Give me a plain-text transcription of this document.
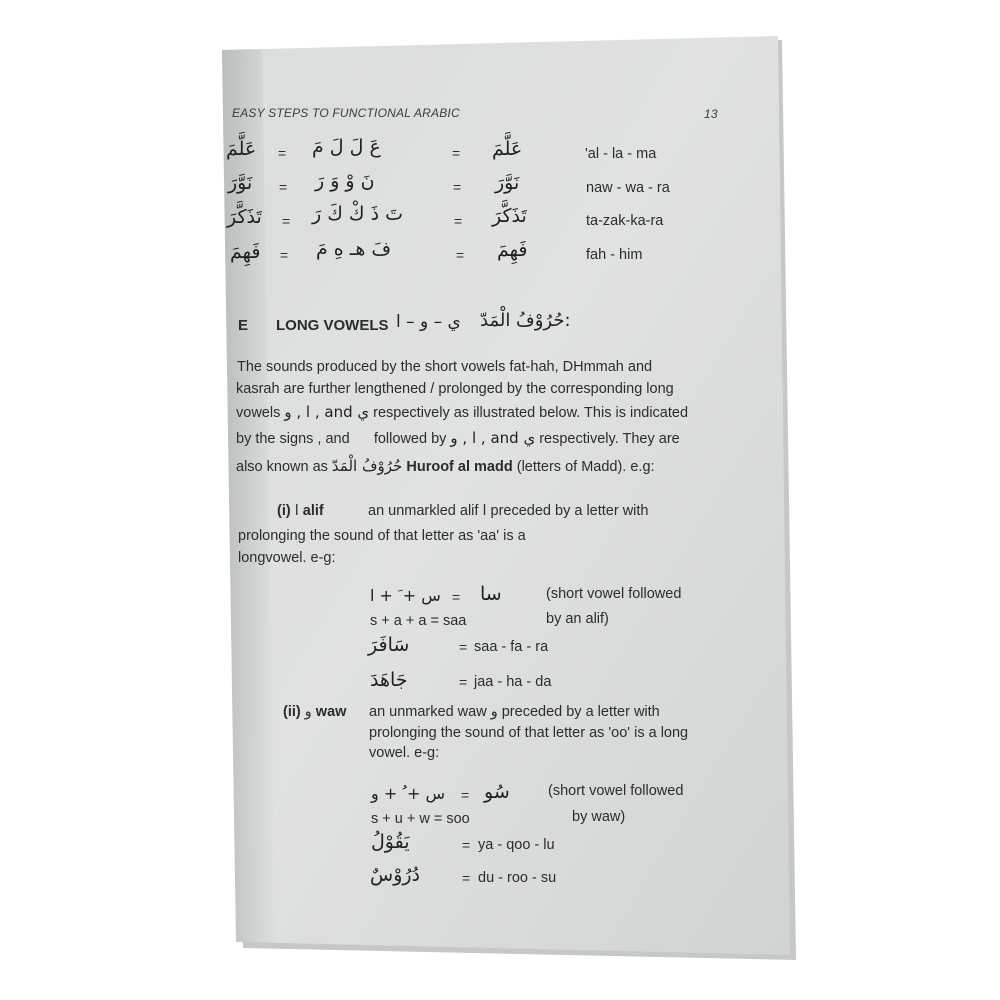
EASY STEPS TO FUNCTIONAL ARABIC	13
عَلَّمَ = عَ لَ لَ مَ	= عَلَّمَ	'al - la - ma
نَوَّرَ = نَ وْ وَ رَ	= نَوَّرَ	naw - wa - ra
تَذَكَّرَ = تَ ذَ كْ كَ رَ	= تَذَكَّرَ	ta-zak-ka-ra
فَهِمَ = فَ هـ هِ مَ	= فَهِمَ	fah - him
E LONG VOWELS ي – و – ا حُرُوْفُ الْمَدّ:
The sounds produced by the short vowels fat-hah, DHmmah and
kasrah are further lengthened / prolonged by the corresponding long
vowels ا , و , and ي respectively as illustrated below. This is indicated
by the signs , and followed by ا , و , and ي respectively. They are
also known as حُرُوْفُ الْمَدّ Huroof al madd (letters of Madd). e.g:
(i) ا alif	an unmarkled alif ا preceded by a letter with
prolonging the sound of that letter as 'aa' is a
longvowel. e-g:
س + َ + ا = سا	(short vowel followed
s + a + a = saa	by an alif)
سَافَرَ	= saa - fa - ra
جَاهَدَ	= jaa - ha - da
(ii) و waw an unmarked waw و preceded by a letter with
prolonging the sound of that letter as 'oo' is a long
vowel. e-g:
س + ُ + و = سُو	(short vowel followed
s + u + w = soo	by waw)
يَقُوْلُ	= ya - qoo - lu
دُرُوْسٌ	= du - roo - su
